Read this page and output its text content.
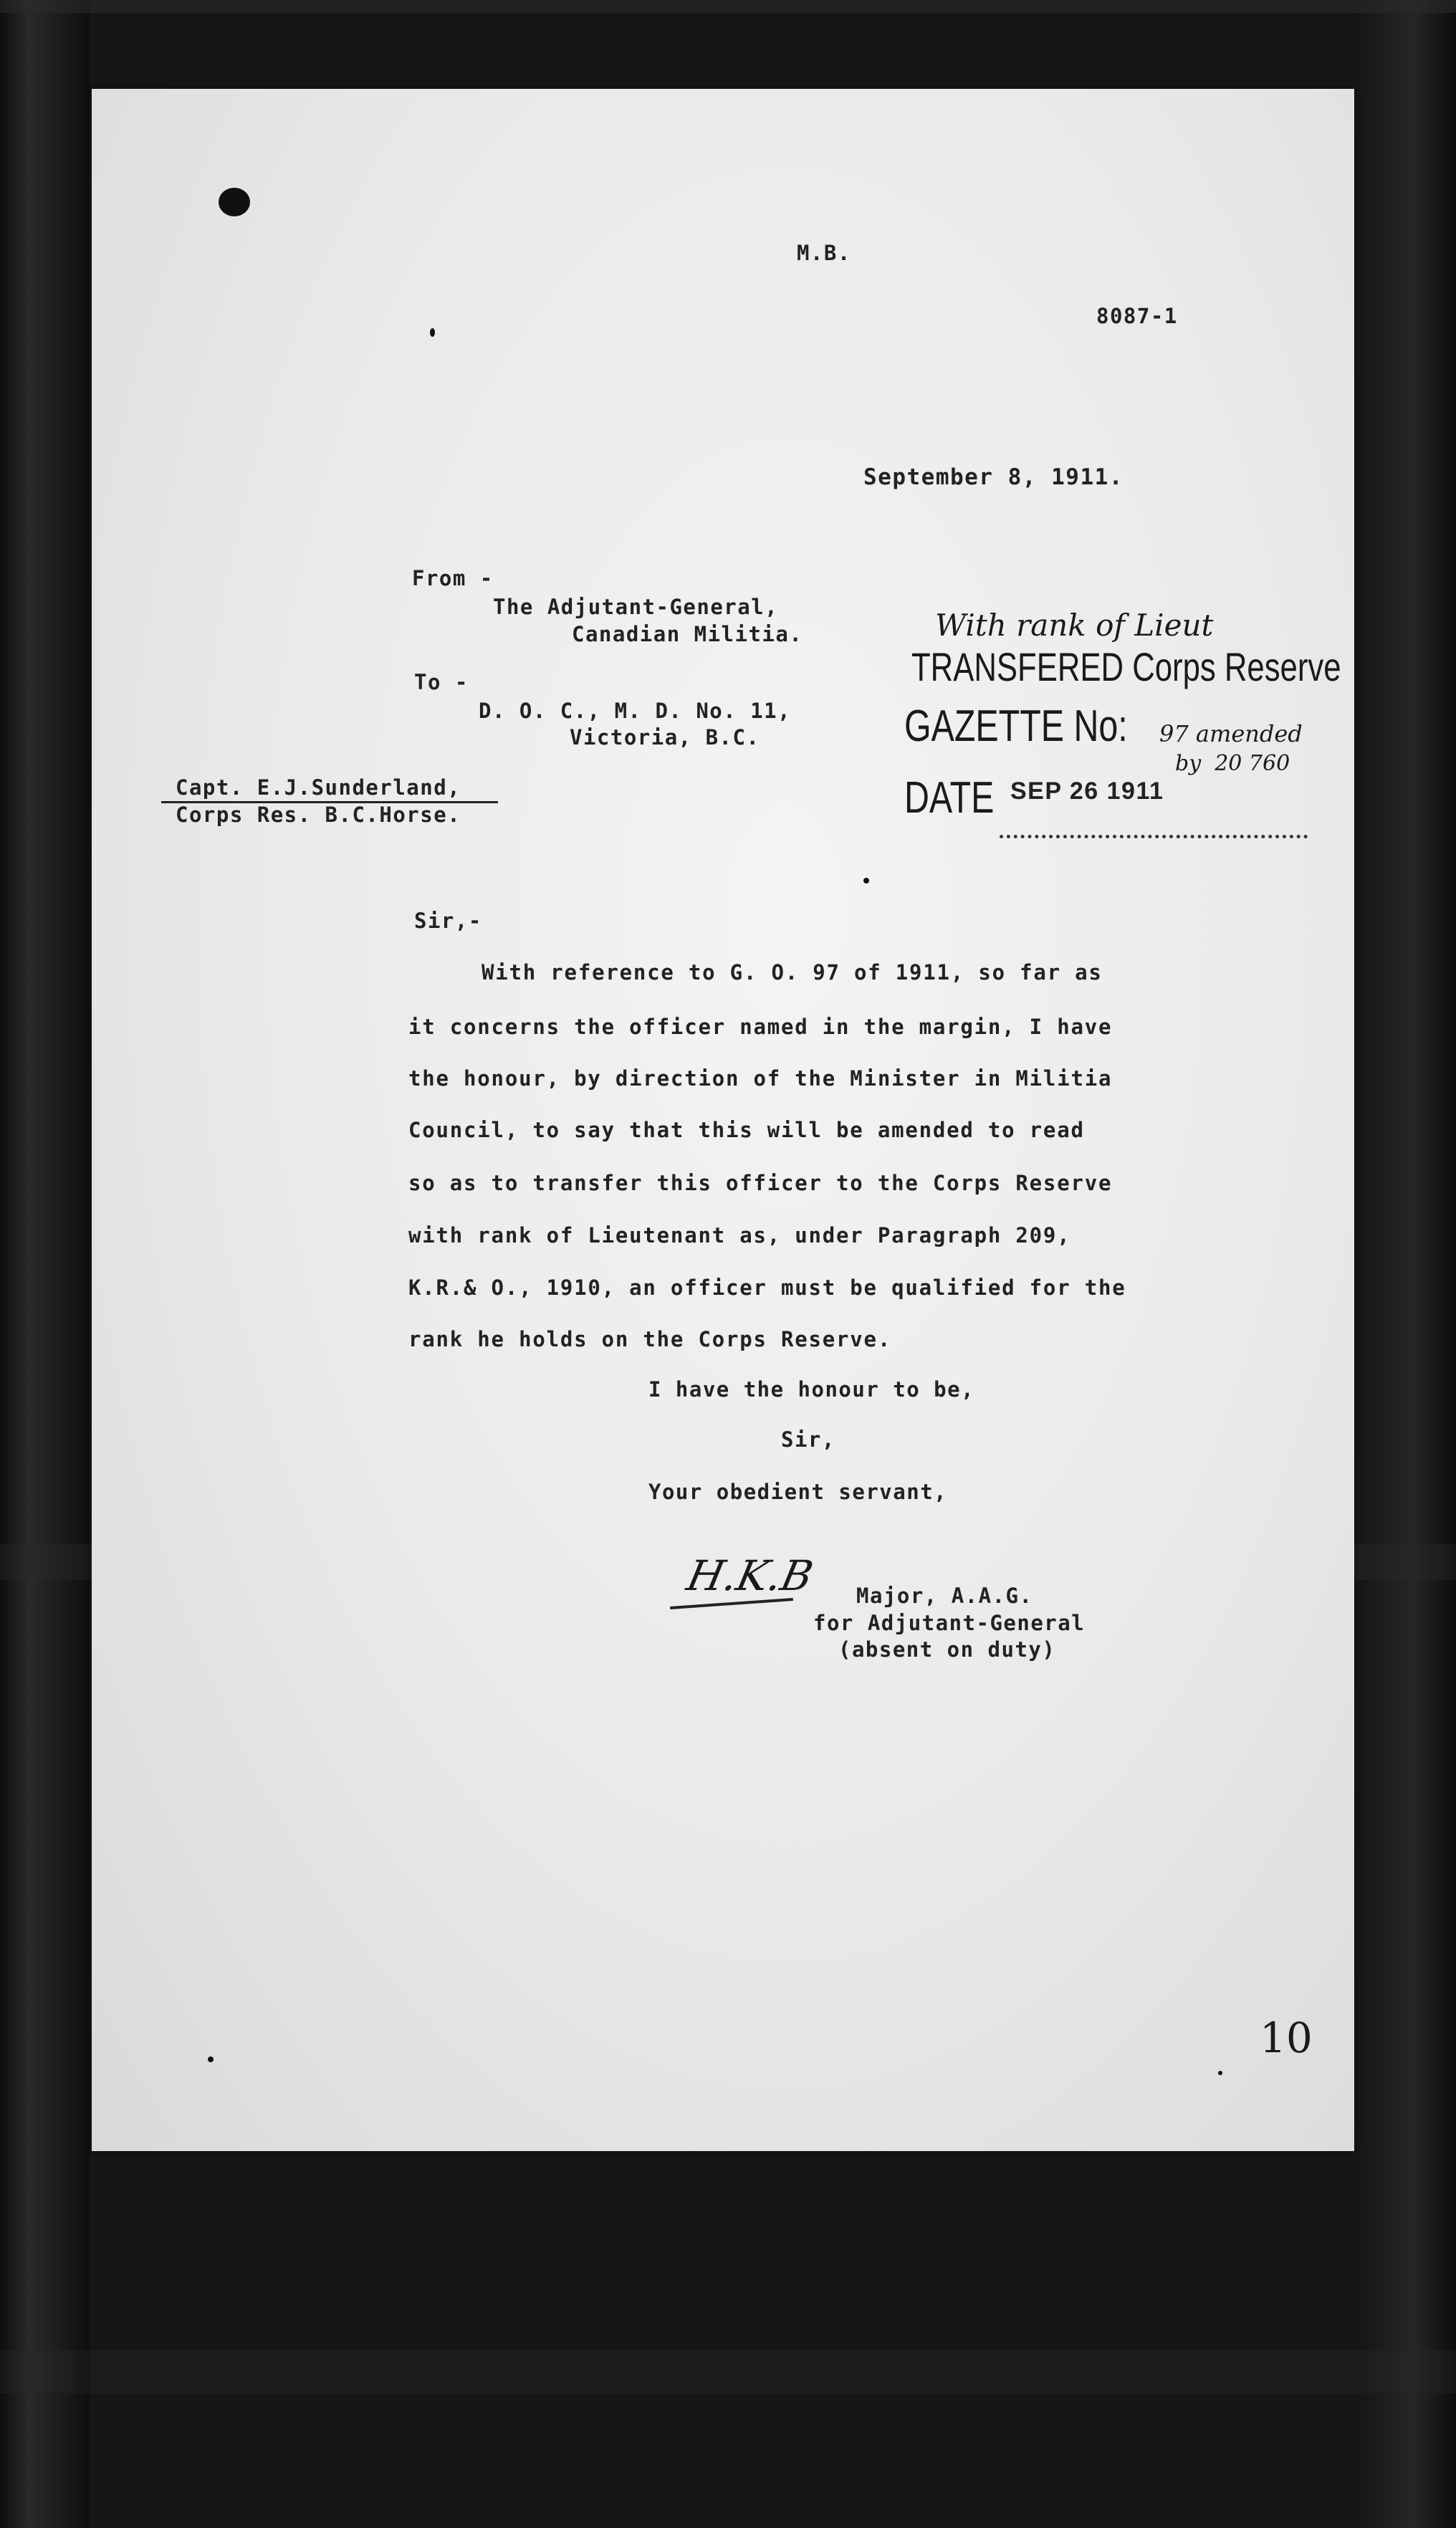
M.B.
8087-1
September 8, 1911.
From -
The Adjutant-General,
Canadian Militia.
To -
D. O. C., M. D. No. 11,
Victoria, B.C.
Capt. E.J.Sunderland,
Corps Res. B.C.Horse.
With rank of Lieut
TRANSFERED Corps Reserve
GAZETTE No: 97 amended
by  20 760
DATE SEP 26 1911
Sir,-
With reference to G. O. 97 of 1911, so far as
it concerns the officer named in the margin, I have
the honour, by direction of the Minister in Militia
Council, to say that this will be amended to read
so as to transfer this officer to the Corps Reserve
with rank of Lieutenant as, under Paragraph 209,
K.R.& O., 1910, an officer must be qualified for the
rank he holds on the Corps Reserve.
I have the honour to be,
Sir,
Your obedient servant,
H.K.B Major, A.A.G.
for Adjutant-General
(absent on duty)
10
